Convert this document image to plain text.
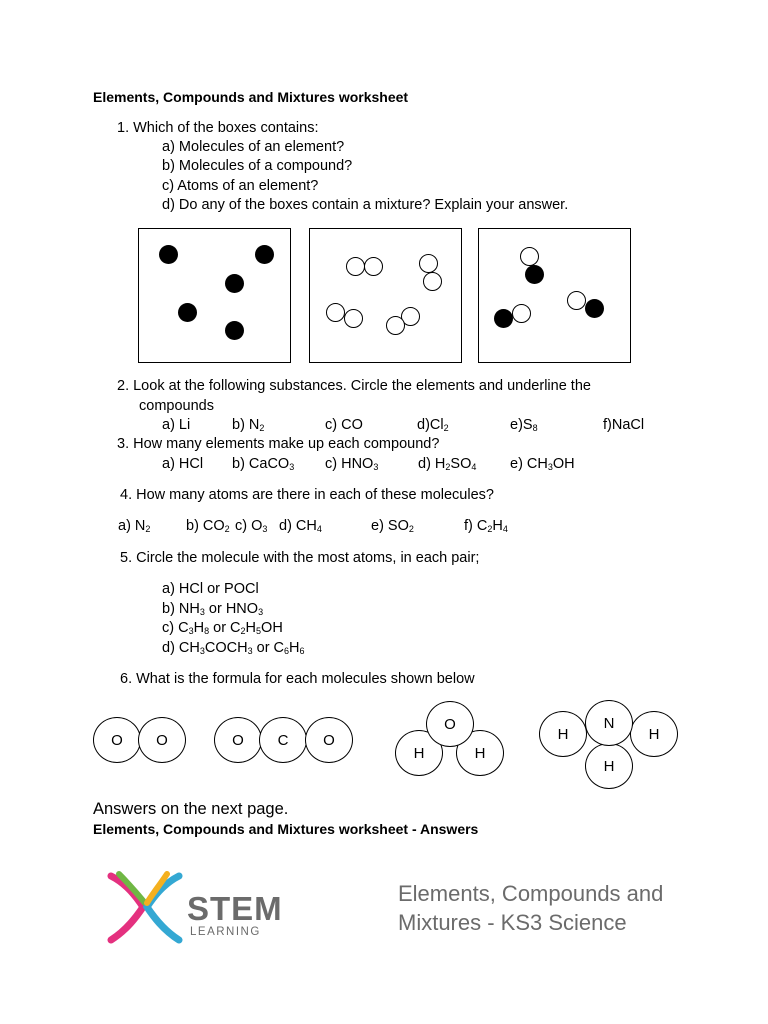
Elements, Compounds and Mixtures worksheet
1. Which of the boxes contains:
a) Molecules of an element?
b) Molecules of a compound?
c) Atoms of an element?
d) Do any of the boxes contain a mixture? Explain your answer.
2. Look at the following substances. Circle the elements and underline the
compounds
a) Li	b) $N_2$	c) CO	$d)Cl_2$	$e)S_8$	f)NaCl
3. How many elements make up each compound?
a) HCl b) CaCO$_3$ c) $HNO_3$	d) $H_2SO_4$ e) $CH_3OH$
4. How many atoms are there in each of these molecules?
a) $N_2$ b) $CO_2$ c) $O_3$ d) $CH_4$	e) $SO_2$	f) $C_2H_4$
5. Circle the molecule with the most atoms, in each pair;
a) HCl or POCl
b) $NH_3$ or $HNO_3$
c) $C_3H_8$ or $C_2H_5OH$
d) $CH_3COCH_3$ or $C_6H_6$
6. What is the formula for each molecules shown below
O	O	O	C	O
H	H
O
H	H
H
N
Answers on the next page.
Elements, Compounds and Mixtures worksheet - Answers
STEM
LEARNING
Elements, Compounds and
Mixtures - KS3 Science
